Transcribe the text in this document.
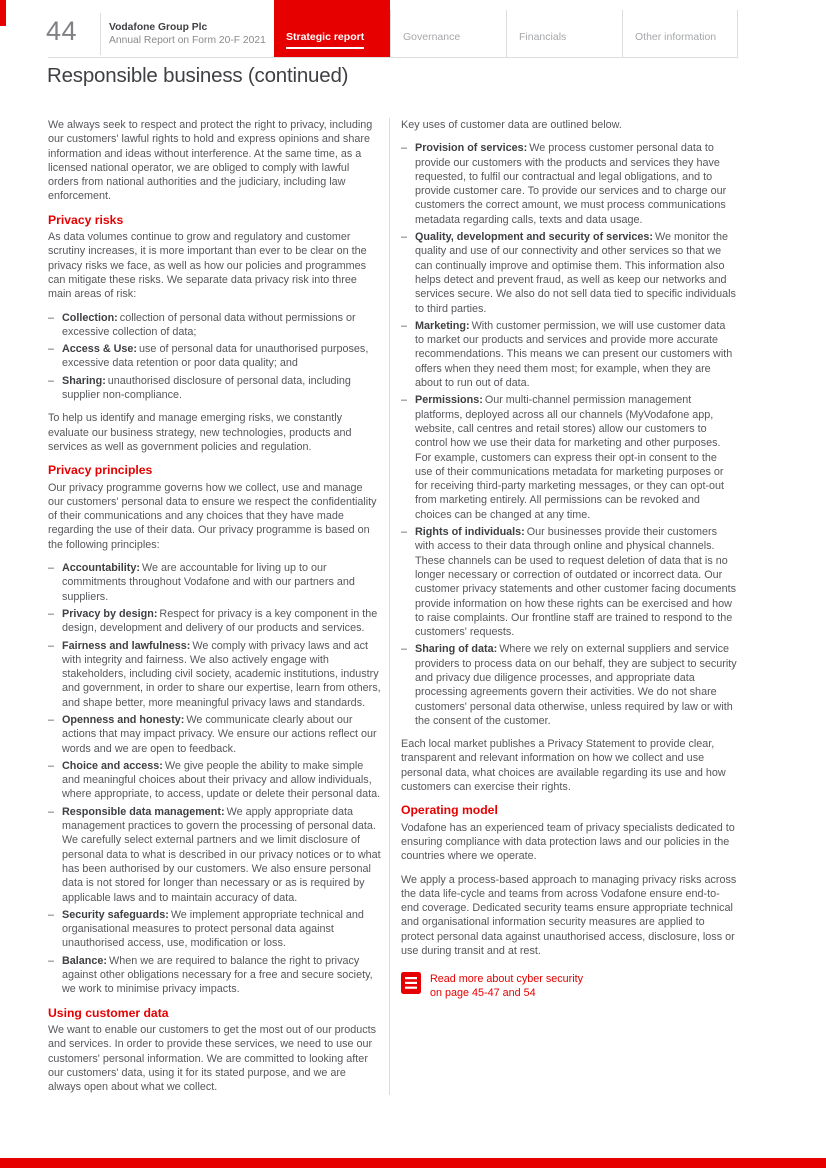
44	Vodafone Group Plc
Annual Report on Form 20-F 2021	Strategic report	Governance	Financials	Other information
Responsible business (continued)

We always seek to respect and protect the right to privacy, including our customers' lawful rights to hold and express opinions and share information and ideas without interference. At the same time, as a licensed national operator, we are obliged to comply with lawful orders from national authorities and the judiciary, including law enforcement.

Privacy risks

As data volumes continue to grow and regulatory and customer scrutiny increases, it is more important than ever to be clear on the privacy risks we face, as well as how our policies and programmes can mitigate these risks. We separate data privacy risk into three main areas of risk:

– Collection: collection of personal data without permissions or excessive collection of data;
– Access & Use: use of personal data for unauthorised purposes, excessive data retention or poor data quality; and
– Sharing: unauthorised disclosure of personal data, including supplier non-compliance.

To help us identify and manage emerging risks, we constantly evaluate our business strategy, new technologies, products and services as well as government policies and regulation.

Privacy principles

Our privacy programme governs how we collect, use and manage our customers' personal data to ensure we respect the confidentiality of their communications and any choices that they have made regarding the use of their data. Our privacy programme is based on the following principles:

– Accountability: We are accountable for living up to our commitments throughout Vodafone and with our partners and suppliers.
– Privacy by design: Respect for privacy is a key component in the design, development and delivery of our products and services.
– Fairness and lawfulness: We comply with privacy laws and act with integrity and fairness. We also actively engage with stakeholders, including civil society, academic institutions, industry and government, in order to share our expertise, learn from others, and shape better, more meaningful privacy laws and standards.
– Openness and honesty: We communicate clearly about our actions that may impact privacy. We ensure our actions reflect our words and we are open to feedback.
– Choice and access: We give people the ability to make simple and meaningful choices about their privacy and allow individuals, where appropriate, to access, update or delete their personal data.
– Responsible data management: We apply appropriate data management practices to govern the processing of personal data. We carefully select external partners and we limit disclosure of personal data to what is described in our privacy notices or to what has been authorised by our customers. We also ensure personal data is not stored for longer than necessary or as is required by applicable laws and to maintain accuracy of data.
– Security safeguards: We implement appropriate technical and organisational measures to protect personal data against unauthorised access, use, modification or loss.
– Balance: When we are required to balance the right to privacy against other obligations necessary for a free and secure society, we work to minimise privacy impacts.
Using customer data

We want to enable our customers to get the most out of our products and services. In order to provide these services, we need to use our customers' personal information. We are committed to looking after our customers' data, using it for its stated purpose, and we are always open about what we collect.

Key uses of customer data are outlined below.

– Provision of services: We process customer personal data to provide our customers with the products and services they have requested, to fulfil our contractual and legal obligations, and to provide customer care. To provide our services and to charge our customers the correct amount, we must process communications metadata regarding calls, texts and data usage.
– Quality, development and security of services: We monitor the quality and use of our connectivity and other services so that we can continually improve and optimise them. This information also helps detect and prevent fraud, as well as keep our networks and services secure. We also do not sell data tied to specific individuals to third parties.
– Marketing: With customer permission, we will use customer data to market our products and services and provide more accurate recommendations. This means we can present our customers with offers when they need them most; for example, when they are about to run out of data.
– Permissions: Our multi-channel permission management platforms, deployed across all our channels (MyVodafone app, website, call centres and retail stores) allow our customers to control how we use their data for marketing and other purposes. For example, customers can express their opt-in consent to the use of their communications metadata for marketing purposes or for receiving third-party marketing messages, or they can opt-out from marketing entirely. All permissions can be revoked and choices can be changed at any time.
– Rights of individuals: Our businesses provide their customers with access to their data through online and physical channels. These channels can be used to request deletion of data that is no longer necessary or correction of outdated or incorrect data. Our customer privacy statements and other customer facing documents provide information on how these rights can be exercised and how to raise complaints. Our frontline staff are trained to respond to the customers' requests.
– Sharing of data: Where we rely on external suppliers and service providers to process data on our behalf, they are subject to security and privacy due diligence processes, and appropriate data processing agreements govern their activities. We do not share customers' personal data otherwise, unless required by law or with the consent of the customer.

Each local market publishes a Privacy Statement to provide clear, transparent and relevant information on how we collect and use personal data, what choices are available regarding its use and how customers can exercise their rights.

Operating model

Vodafone has an experienced team of privacy specialists dedicated to ensuring compliance with data protection laws and our policies in the countries where we operate.

We apply a process-based approach to managing privacy risks across the data life-cycle and teams from across Vodafone ensure end-to-end coverage. Dedicated security teams ensure appropriate technical and organisational information security measures are applied to protect personal data against unauthorised access, disclosure, loss or use during transit and at rest.

Read more about cyber security
on page 45-47 and 54
